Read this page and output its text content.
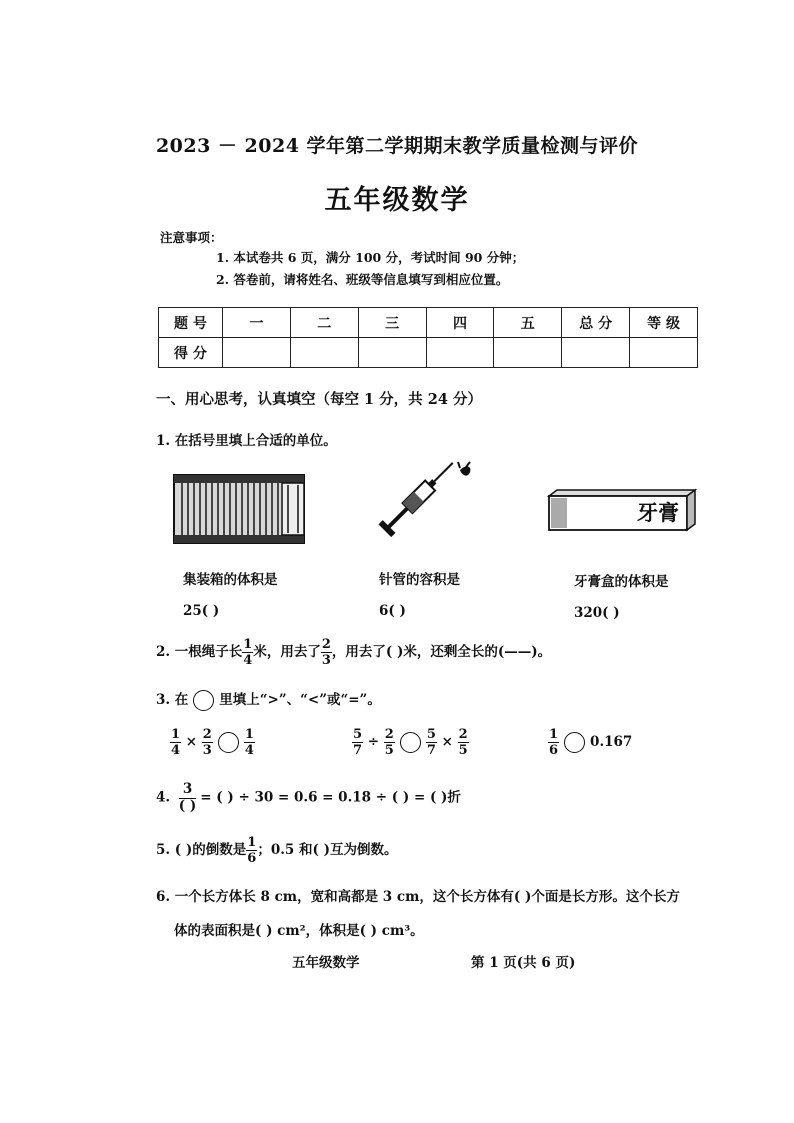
2023 － 2024 学年第二学期期末教学质量检测与评价
五年级数学
注意事项：
1. 本试卷共 6 页，满分 100 分，考试时间 90 分钟；
2. 答卷前，请将姓名、班级等信息填写到相应位置。
题 号	一	二	三	四	五	总 分	等 级
得 分							
一、用心思考，认真填空（每空 1 分，共 24 分）
1. 在括号里填上合适的单位。
牙膏
集装箱的体积是	针管的容积是	牙膏盒的体积是
25( )	6( )	320( )
2. 一根绳子长 $\frac{1}{4}$ 米，用去了 $\frac{2}{3}$ ，用去了( )米，还剩全长的(——)。
3. 在 里填上“>”、“<”或“=”。
$\frac{1}{4} \times \frac{2}{3} \frac{1}{4}$	$\frac{5}{7} \div \frac{2}{5} \frac{5}{7} \times \frac{2}{5}$	$\frac{1}{6} 0.167$
4. $\frac{3}{( )}$ = ( ) ÷ 30 = 0.6 = 0.18 ÷ ( ) = ( )折
5. ( )的倒数是 $\frac{1}{6}$ ；0.5 和( )互为倒数。
6. 一个长方体长 8 cm，宽和高都是 3 cm，这个长方体有( )个面是长方形。这个长方
体的表面积是( ) cm²，体积是( ) cm³。
五年级数学	第 1 页(共 6 页)
